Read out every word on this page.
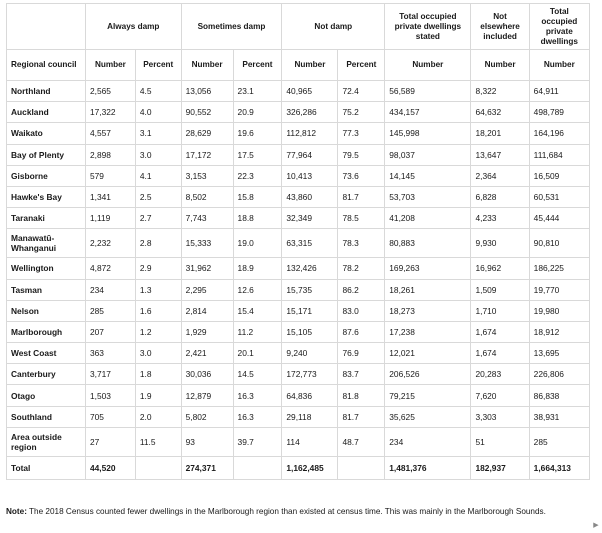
	Always damp		Sometimes damp		Not damp		Total occupied private dwellings stated	Not elsewhere included	Total occupied private dwellings
Regional council	Number	Percent	Number	Percent	Number	Percent	Number	Number	Number
Northland	2,565	4.5	13,056	23.1	40,965	72.4	56,589	8,322	64,911
Auckland	17,322	4.0	90,552	20.9	326,286	75.2	434,157	64,632	498,789
Waikato	4,557	3.1	28,629	19.6	112,812	77.3	145,998	18,201	164,196
Bay of Plenty	2,898	3.0	17,172	17.5	77,964	79.5	98,037	13,647	111,684
Gisborne	579	4.1	3,153	22.3	10,413	73.6	14,145	2,364	16,509
Hawke's Bay	1,341	2.5	8,502	15.8	43,860	81.7	53,703	6,828	60,531
Taranaki	1,119	2.7	7,743	18.8	32,349	78.5	41,208	4,233	45,444
Manawatū-Whanganui	2,232	2.8	15,333	19.0	63,315	78.3	80,883	9,930	90,810
Wellington	4,872	2.9	31,962	18.9	132,426	78.2	169,263	16,962	186,225
Tasman	234	1.3	2,295	12.6	15,735	86.2	18,261	1,509	19,770
Nelson	285	1.6	2,814	15.4	15,171	83.0	18,273	1,710	19,980
Marlborough	207	1.2	1,929	11.2	15,105	87.6	17,238	1,674	18,912
West Coast	363	3.0	2,421	20.1	9,240	76.9	12,021	1,674	13,695
Canterbury	3,717	1.8	30,036	14.5	172,773	83.7	206,526	20,283	226,806
Otago	1,503	1.9	12,879	16.3	64,836	81.8	79,215	7,620	86,838
Southland	705	2.0	5,802	16.3	29,118	81.7	35,625	3,303	38,931
Area outside region	27	11.5	93	39.7	114	48.7	234	51	285
Total	44,520		274,371		1,162,485		1,481,376	182,937	1,664,313
Note: The 2018 Census counted fewer dwellings in the Marlborough region than existed at census time. This was mainly in the Marlborough Sounds.
▶
